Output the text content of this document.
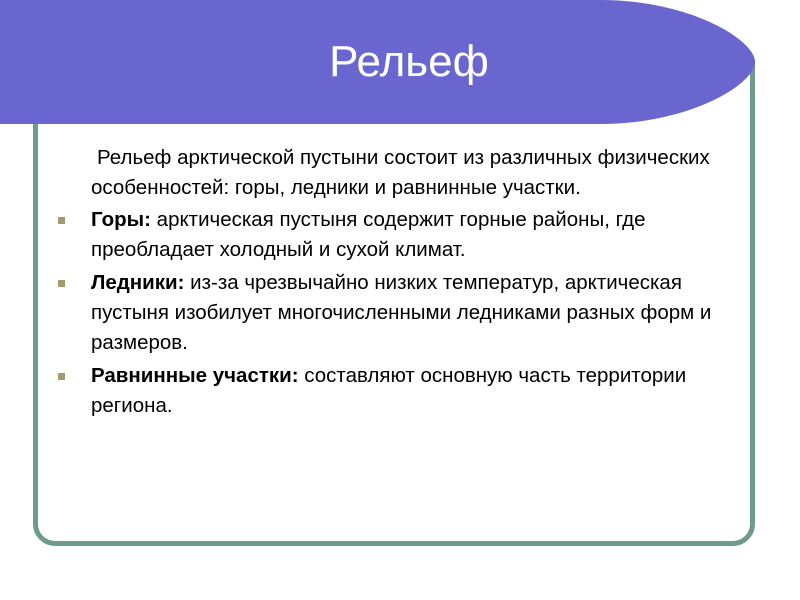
Рельеф

Рельеф арктической пустыни состоит из различных физических особенностей: горы, ледники и равнинные участки.

Горы: арктическая пустыня содержит горные районы, где преобладает холодный и сухой климат.
Ледники: из-за чрезвычайно низких температур, арктическая пустыня изобилует многочисленными ледниками разных форм и размеров.
Равнинные участки: составляют основную часть территории региона.
